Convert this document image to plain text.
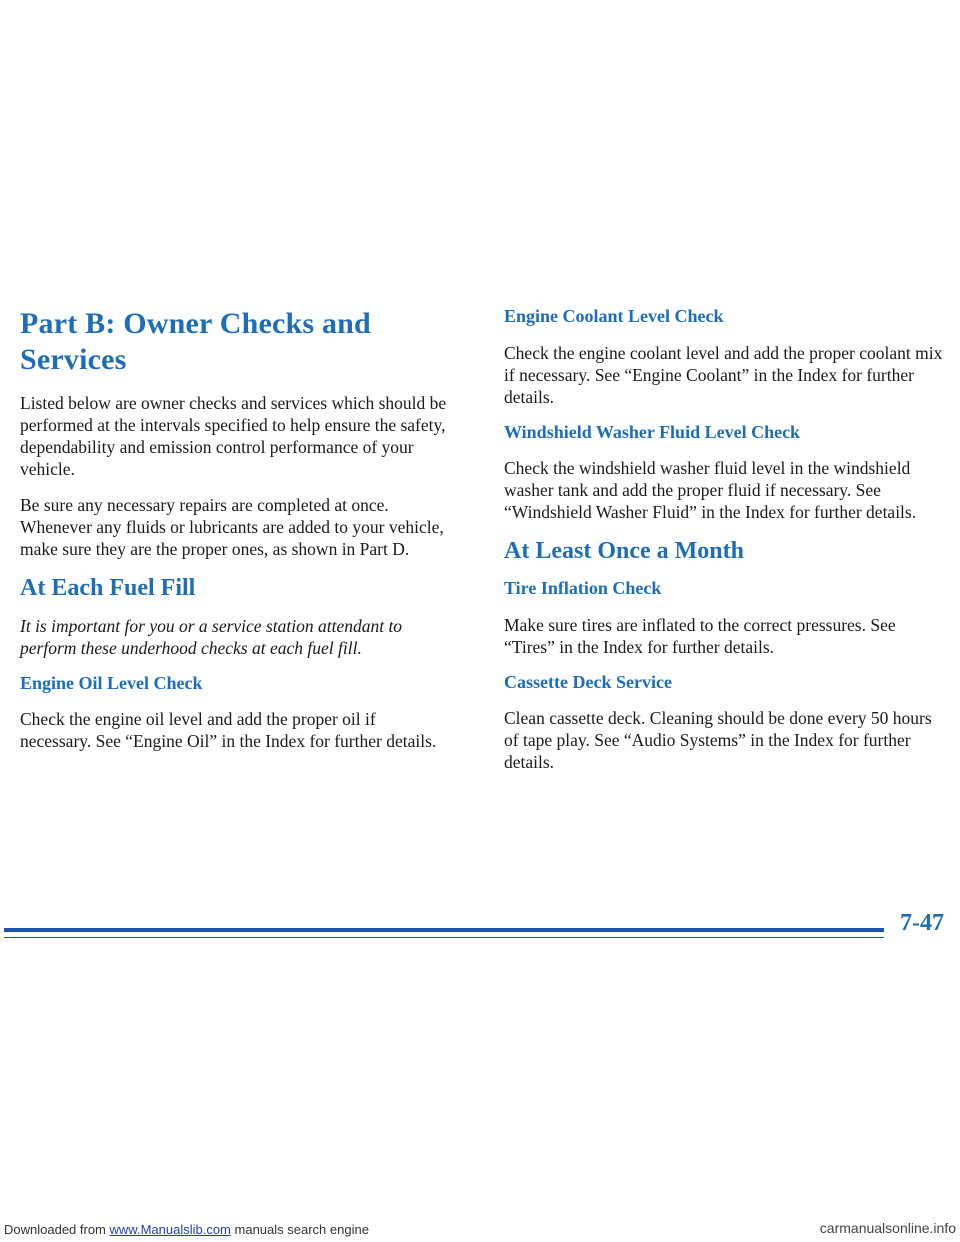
Part B: Owner Checks and Services

Listed below are owner checks and services which should be performed at the intervals specified to help ensure the safety, dependability and emission control performance of your vehicle.

Be sure any necessary repairs are completed at once. Whenever any fluids or lubricants are added to your vehicle, make sure they are the proper ones, as shown in Part D.

At Each Fuel Fill

It is important for you or a service station attendant to perform these underhood checks at each fuel fill.

Engine Oil Level Check

Check the engine oil level and add the proper oil if necessary. See “Engine Oil” in the Index for further details.

Engine Coolant Level Check

Check the engine coolant level and add the proper coolant mix if necessary. See “Engine Coolant” in the Index for further details.

Windshield Washer Fluid Level Check

Check the windshield washer fluid level in the windshield washer tank and add the proper fluid if necessary. See “Windshield Washer Fluid” in the Index for further details.

At Least Once a Month
Tire Inflation Check

Make sure tires are inflated to the correct pressures. See “Tires” in the Index for further details.

Cassette Deck Service

Clean cassette deck. Cleaning should be done every 50 hours of tape play. See “Audio Systems” in the Index for further details.

7-47
Downloaded from www.Manualslib.com manuals search engine	carmanualsonline.info
